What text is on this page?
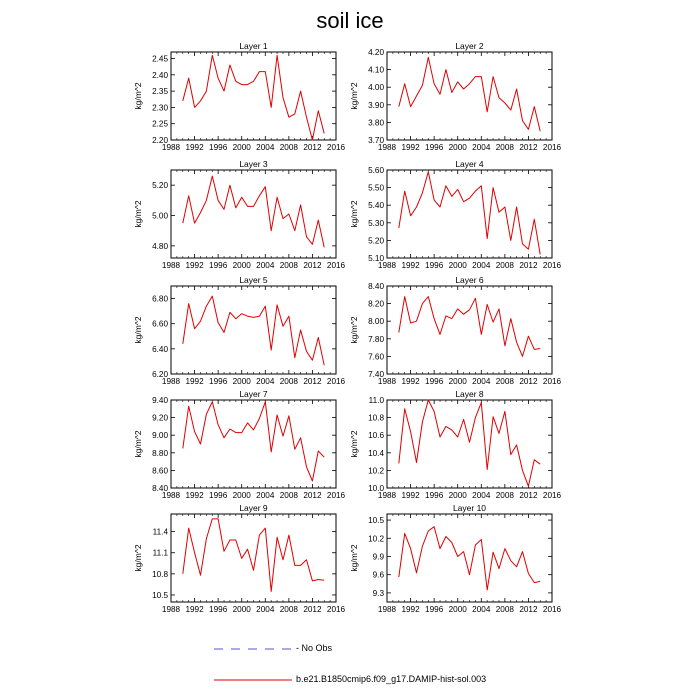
soil ice
Layer 1
kg/m^2
1988 1992 1996 2000 2004 2008 2012 2016
2.20
2.25
2.30
2.35
2.40
2.45
Layer 2
kg/m^2
1988 1992 1996 2000 2004 2008 2012 2016
3.70
3.80
3.90
4.00
4.10
4.20
Layer 3
kg/m^2
1988 1992 1996 2000 2004 2008 2012 2016
4.80
5.00
5.20
Layer 4
kg/m^2
1988 1992 1996 2000 2004 2008 2012 2016
5.10
5.20
5.30
5.40
5.50
5.60
Layer 5
kg/m^2
1988 1992 1996 2000 2004 2008 2012 2016
6.20
6.40
6.60
6.80
Layer 6
kg/m^2
1988 1992 1996 2000 2004 2008 2012 2016
7.40
7.60
7.80
8.00
8.20
8.40
Layer 7
kg/m^2
1988 1992 1996 2000 2004 2008 2012 2016
8.40
8.60
8.80
9.00
9.20
9.40
Layer 8
kg/m^2
1988 1992 1996 2000 2004 2008 2012 2016
10.0
10.2
10.4
10.6
10.8
11.0
Layer 9
kg/m^2
1988 1992 1996 2000 2004 2008 2012 2016
10.5
10.8
11.1
11.4
Layer 10
kg/m^2
1988 1992 1996 2000 2004 2008 2012 2016
9.3
9.6
9.9
10.2
10.5
- No Obs
b.e21.B1850cmip6.f09_g17.DAMIP-hist-sol.003
